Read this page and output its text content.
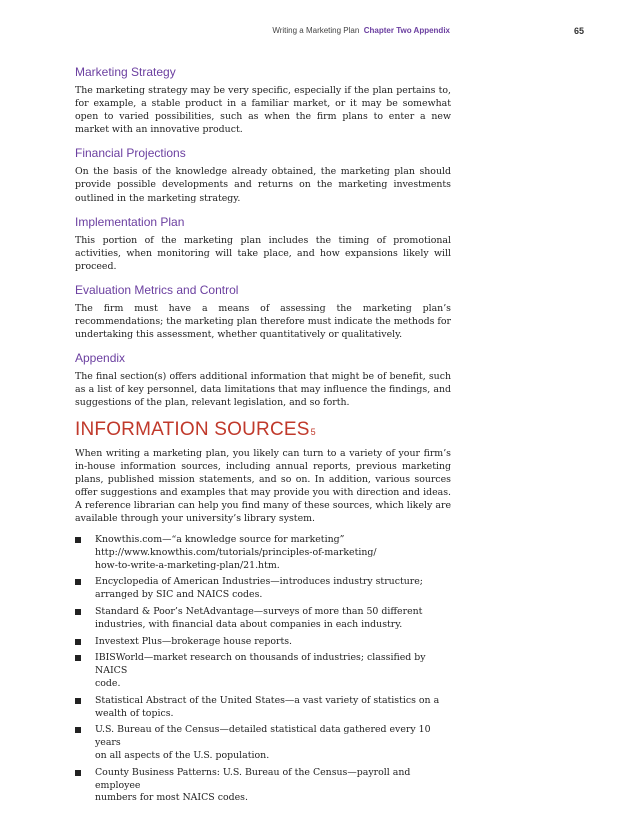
Writing a Marketing Plan Chapter Two Appendix	65
Marketing Strategy

The marketing strategy may be very specific, especially if the plan pertains to, for example, a stable product in a familiar market, or it may be somewhat open to varied possibilities, such as when the firm plans to enter a new market with an innovative product.

Financial Projections

On the basis of the knowledge already obtained, the marketing plan should provide possible developments and returns on the marketing investments outlined in the marketing strategy.

Implementation Plan

This portion of the marketing plan includes the timing of promotional activities, when monitoring will take place, and how expansions likely will proceed.

Evaluation Metrics and Control

The firm must have a means of assessing the marketing plan’s recommendations; the marketing plan therefore must indicate the methods for undertaking this assessment, whether quantitatively or qualitatively.

Appendix

The final section(s) offers additional information that might be of benefit, such as a list of key personnel, data limitations that may influence the findings, and suggestions of the plan, relevant legislation, and so forth.

INFORMATION SOURCES$^5$

When writing a marketing plan, you likely can turn to a variety of your firm’s in-house information sources, including annual reports, previous marketing plans, published mission statements, and so on. In addition, various sources offer suggestions and examples that may provide you with direction and ideas. A reference librarian can help you find many of these sources, which likely are available through your university’s library system.

Knowthis.com—“a knowledge source for marketing”
http://www.knowthis.com/tutorials/principles-of-marketing/
how-to-write-a-marketing-plan/21.htm.
Encyclopedia of American Industries—introduces industry structure;
arranged by SIC and NAICS codes.
Standard & Poor’s NetAdvantage—surveys of more than 50 different
industries, with financial data about companies in each industry.
Investext Plus—brokerage house reports.
IBISWorld—market research on thousands of industries; classified by NAICS
code.
Statistical Abstract of the United States—a vast variety of statistics on a
wealth of topics.
U.S. Bureau of the Census—detailed statistical data gathered every 10 years
on all aspects of the U.S. population.
County Business Patterns: U.S. Bureau of the Census—payroll and employee
numbers for most NAICS codes.
